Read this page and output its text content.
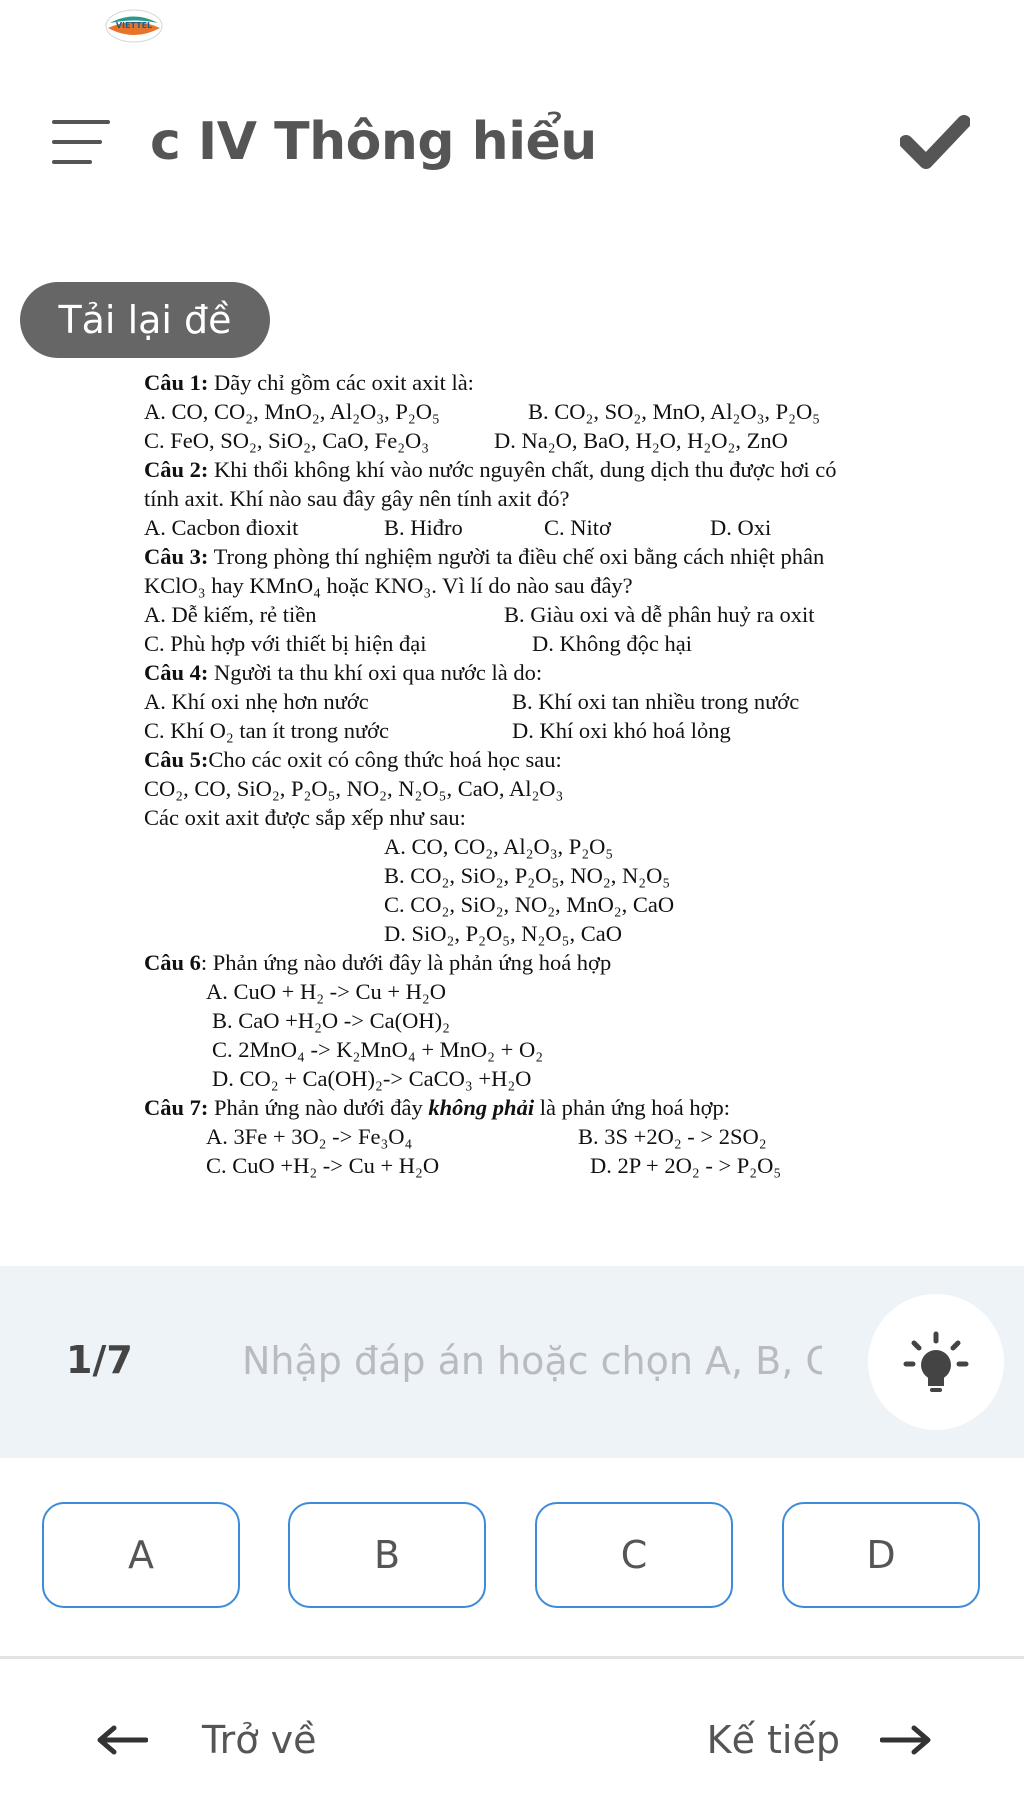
VIETTEL
c IV Thông hiểu
Tải lại đề
Câu 1: Dãy chỉ gồm các oxit axit là:
A. CO, CO₂, MnO₂, Al₂O₃, P₂O₅	B. CO₂, SO₂, MnO, Al₂O₃, P₂O₅
C. FeO, SO₂, SiO₂, CaO, Fe₂O₃	D. Na₂O, BaO, H₂O, H₂O₂, ZnO
Câu 2: Khi thổi không khí vào nước nguyên chất, dung dịch thu được hơi có
tính axit. Khí nào sau đây gây nên tính axit đó?
A. Cacbon đioxit	B. Hiđro	C. Nitơ	D. Oxi
Câu 3: Trong phòng thí nghiệm người ta điều chế oxi bằng cách nhiệt phân
KClO₃ hay KMnO₄ hoặc KNO₃. Vì lí do nào sau đây?
A. Dễ kiếm, rẻ tiền	B. Giàu oxi và dễ phân huỷ ra oxit
C. Phù hợp với thiết bị hiện đại	D. Không độc hại
Câu 4: Người ta thu khí oxi qua nước là do:
A. Khí oxi nhẹ hơn nước	B. Khí oxi tan nhiều trong nước
C. Khí O₂ tan ít trong nước	D. Khí oxi khó hoá lỏng
Câu 5:Cho các oxit có công thức hoá học sau:
CO₂, CO, SiO₂, P₂O₅, NO₂, N₂O₅, CaO, Al₂O₃
Các oxit axit được sắp xếp như sau:
A. CO, CO₂, Al₂O₃, P₂O₅
B. CO₂, SiO₂, P₂O₅, NO₂, N₂O₅
C. CO₂, SiO₂, NO₂, MnO₂, CaO
D. SiO₂, P₂O₅, N₂O₅, CaO
Câu 6: Phản ứng nào dưới đây là phản ứng hoá hợp
A. CuO + H₂ -> Cu + H₂O
B. CaO +H₂O -> Ca(OH)₂
C. 2MnO₄ -> K₂MnO₄ + MnO₂ + O₂
D. CO₂ + Ca(OH)₂-> CaCO₃ +H₂O
Câu 7: Phản ứng nào dưới đây không phải là phản ứng hoá hợp:
A. 3Fe + 3O₂ -> Fe₃O₄	B. 3S +2O₂ - > 2SO₂
C. CuO +H₂ -> Cu + H₂O	D. 2P + 2O₂ - > P₂O₅
1/7
Nhập đáp án hoặc chọn A, B, C,
A	B	C	D
Trở về	Kế tiếp
